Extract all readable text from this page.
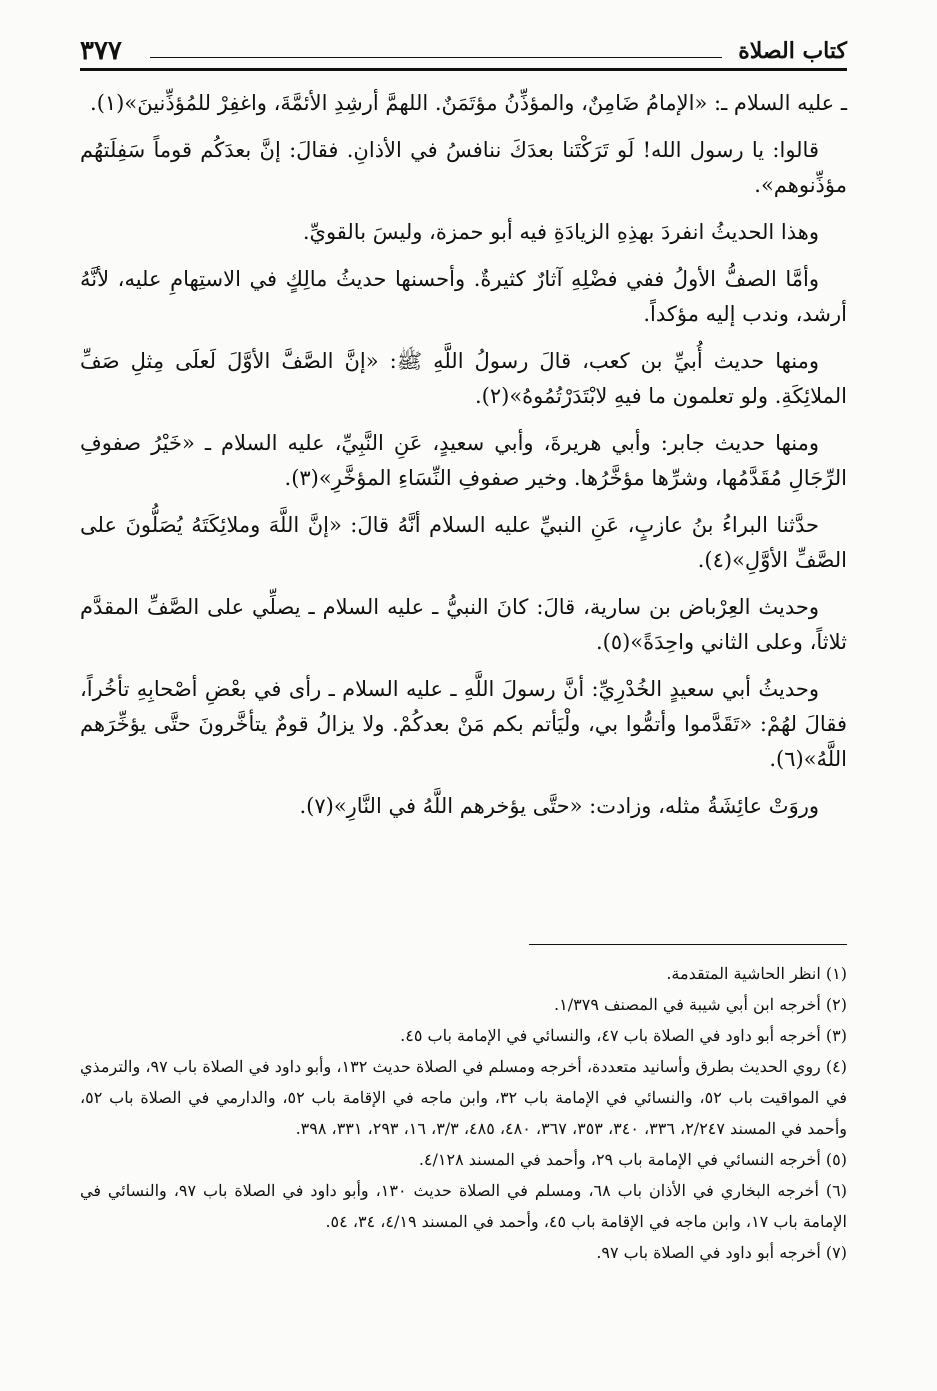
٣٧٧	كتاب الصلاة

ـ عليه السلام ـ: «الإمامُ ضَامِنٌ، والمؤذِّنُ مؤتَمَنٌ. اللهمَّ أرشِدِ الأئمَّةَ، واغفِرْ للمُؤذِّنينَ»(١).

قالوا: يا رسول الله! لَو تَرَكْتَنا بعدَكَ ننافسُ في الأذانِ. فقالَ: إنَّ بعدَكُم قوماً سَفِلَتهُم مؤذِّنوهم».

وهذا الحديثُ انفردَ بهذِهِ الزيادَةِ فيه أبو حمزة، وليسَ بالقويِّ.

وأمَّا الصفُّ الأولُ ففي فضْلِهِ آثارٌ كثيرةٌ. وأحسنها حديثُ مالِكٍ في الاستِهامِ عليه، لأنَّهُ أرشد، وندب إليه مؤكداً.

ومنها حديث أُبيِّ بن كعب، قالَ رسولُ اللَّهِ ﷺ: «إنَّ الصَّفَّ الأوَّلَ لَعلَى مِثلِ صَفِّ الملائِكَةِ. ولو تعلمون ما فيهِ لابْتَدَرْتُمُوهُ»(٢).

ومنها حديث جابر: وأبي هريرةَ، وأبي سعيدٍ، عَنِ النَّبِيِّ، عليه السلام ـ «خَيْرُ صفوفِ الرِّجَالِ مُقَدَّمُها، وشرِّها مؤخَّرُها. وخير صفوفِ النِّسَاءِ المؤخَّرِ»(٣).

حدَّثنا البراءُ بنُ عازبٍ، عَنِ النبيِّ عليه السلام أنَّهُ قالَ: «إنَّ اللَّهَ وملائِكَتَهُ يُصَلُّونَ على الصَّفِّ الأوَّلِ»(٤).

وحديث العِرْباض بن سارية، قالَ: كانَ النبيُّ ـ عليه السلام ـ يصلِّي على الصَّفِّ المقدَّم ثلاثاً، وعلى الثاني واحِدَةً»(٥).

وحديثُ أبي سعيدٍ الخُدْرِيِّ: أنَّ رسولَ اللَّهِ ـ عليه السلام ـ رأى في بعْضِ أصْحابِهِ تأخُراً، فقالَ لهُمْ: «تَقَدَّموا وأتمُّوا بي، ولْيَأتم بكم مَنْ بعدكُمْ. ولا يزالُ قومٌ يتأخَّرونَ حتَّى يؤخِّرَهم اللَّهُ»(٦).

وروَتْ عائِشَةُ مثله، وزادت: «حتَّى يؤخرهم اللَّهُ في النَّارِ»(٧).

(١) انظر الحاشية المتقدمة.

(٢) أخرجه ابن أبي شيبة في المصنف ١/٣٧٩.

(٣) أخرجه أبو داود في الصلاة باب ٤٧، والنسائي في الإمامة باب ٤٥.

(٤) روي الحديث بطرق وأسانيد متعددة، أخرجه ومسلم في الصلاة حديث ١٣٢، وأبو داود في الصلاة باب ٩٧، والترمذي في المواقيت باب ٥٢، والنسائي في الإمامة باب ٣٢، وابن ماجه في الإقامة باب ٥٢، والدارمي في الصلاة باب ٥٢، وأحمد في المسند ٢/٢٤٧، ٣٣٦، ٣٤٠، ٣٥٣، ٣٦٧، ٤٨٠، ٤٨٥، ٣/٣، ١٦، ٢٩٣، ٣٣١، ٣٩٨.

(٥) أخرجه النسائي في الإمامة باب ٢٩، وأحمد في المسند ٤/١٢٨.

(٦) أخرجه البخاري في الأذان باب ٦٨، ومسلم في الصلاة حديث ١٣٠، وأبو داود في الصلاة باب ٩٧، والنسائي في الإمامة باب ١٧، وابن ماجه في الإقامة باب ٤٥، وأحمد في المسند ٤/١٩، ٣٤، ٥٤.

(٧) أخرجه أبو داود في الصلاة باب ٩٧.
